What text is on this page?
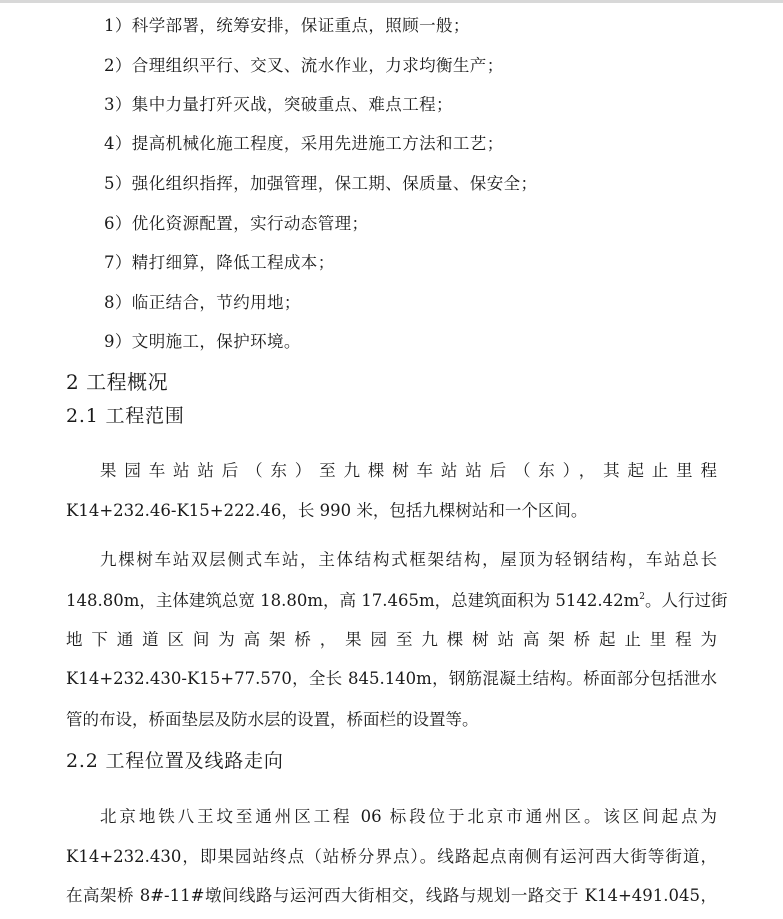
1）科学部署，统筹安排，保证重点，照顾一般；
2）合理组织平行、交叉、流水作业，力求均衡生产；
3）集中力量打歼灭战，突破重点、难点工程；
4）提高机械化施工程度，采用先进施工方法和工艺；
5）强化组织指挥，加强管理，保工期、保质量、保安全；
6）优化资源配置，实行动态管理；
7）精打细算，降低工程成本；
8）临正结合，节约用地；
9）文明施工，保护环境。
2 工程概况
2.1 工程范围
果园车站站后（东）至九棵树车站站后（东），其起止里程
K14+232.46-K15+222.46，长 990 米，包括九棵树站和一个区间。
九棵树车站双层侧式车站，主体结构式框架结构，屋顶为轻钢结构，车站总长
148.80m，主体建筑总宽 18.80m，高 17.465m，总建筑面积为 $5142.42m^2$。人行过街
地下通道区间为高架桥，果园至九棵树站高架桥起止里程为
K14+232.430-K15+77.570，全长 845.140m，钢筋混凝土结构。桥面部分包括泄水
管的布设，桥面垫层及防水层的设置，桥面栏的设置等。
2.2 工程位置及线路走向
北京地铁八王坟至通州区工程 06 标段位于北京市通州区。该区间起点为
K14+232.430，即果园站终点（站桥分界点）。线路起点南侧有运河西大街等街道，
在高架桥 8#-11#墩间线路与运河西大街相交，线路与规划一路交于 K14+491.045，
